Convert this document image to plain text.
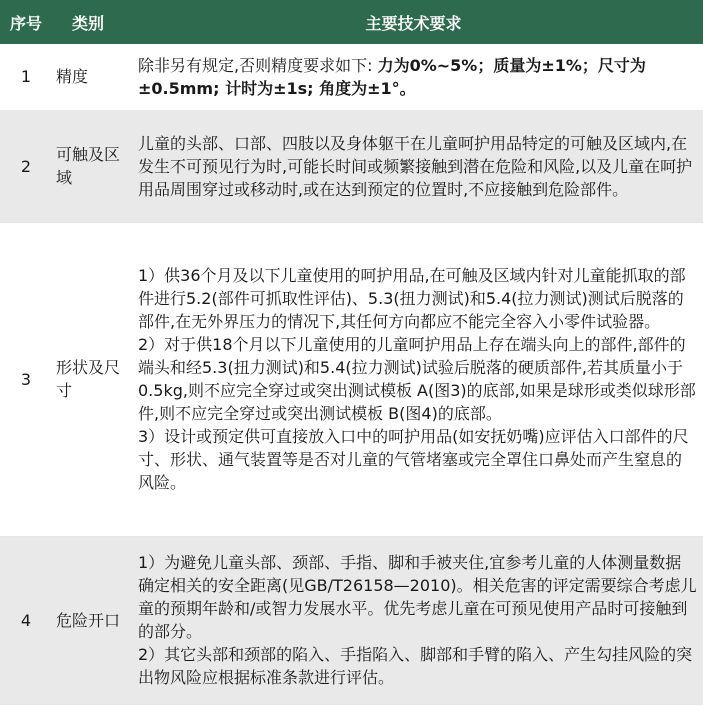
序号	类别	主要技术要求
1	精度	除非另有规定,否则精度要求如下: 力为0%~5%；质量为±1%；尺寸为±0.5mm; 计时为±1s; 角度为±1°。
2	可触及区域	儿童的头部、口部、四肢以及身体躯干在儿童呵护用品特定的可触及区域内,在发生不可预见行为时,可能长时间或频繁接触到潜在危险和风险,以及儿童在呵护用品周围穿过或移动时,或在达到预定的位置时,不应接触到危险部件。
3	形状及尺寸	1）供36个月及以下儿童使用的呵护用品,在可触及区域内针对儿童能抓取的部件进行5.2(部件可抓取性评估)、5.3(扭力测试)和5.4(拉力测试)测试后脱落的部件,在无外界压力的情况下,其任何方向都应不能完全容入小零件试验器。

2）对于供18个月以下儿童使用的儿童呵护用品上存在端头向上的部件,部件的端头和经5.3(扭力测试)和5.4(拉力测试)试验后脱落的硬质部件,若其质量小于0.5kg,则不应完全穿过或突出测试模板 A(图3)的底部,如果是球形或类似球形部件,则不应完全穿过或突出测试模板 B(图4)的底部。

3）设计或预定供可直接放入口中的呵护用品(如安抚奶嘴)应评估入口部件的尺寸、形状、通气装置等是否对儿童的气管堵塞或完全罩住口鼻处而产生窒息的风险。

4	危险开口	1）为避免儿童头部、颈部、手指、脚和手被夹住,宜参考儿童的人体测量数据确定相关的安全距离(见GB/T26158—2010)。相关危害的评定需要综合考虑儿童的预期年龄和/或智力发展水平。优先考虑儿童在可预见使用产品时可接触到的部分。

2）其它头部和颈部的陷入、手指陷入、脚部和手臂的陷入、产生勾挂风险的突出物风险应根据标准条款进行评估。
